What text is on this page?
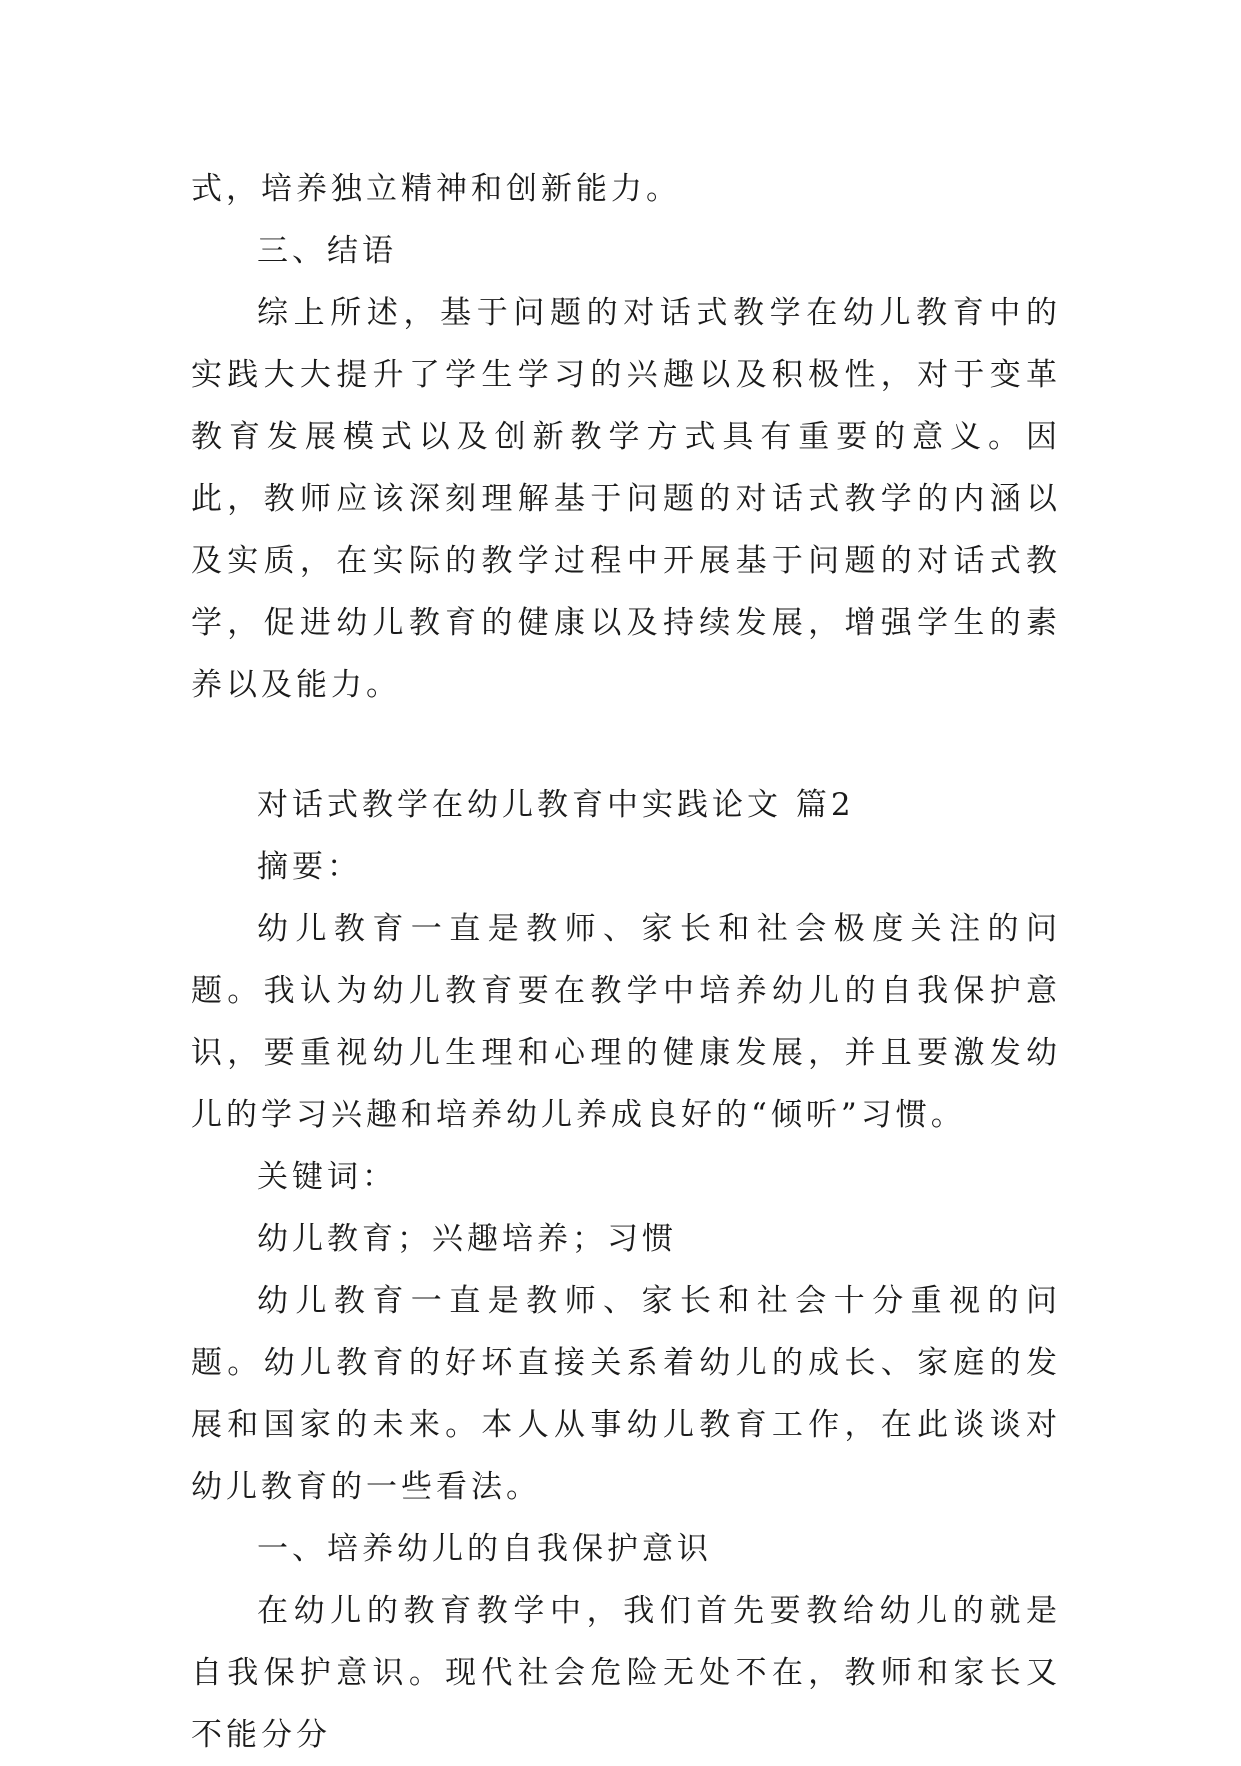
式，培养独立精神和创新能力。

三、结语

综上所述，基于问题的对话式教学在幼儿教育中的实践大大提升了学生学习的兴趣以及积极性，对于变革教育发展模式以及创新教学方式具有重要的意义。因此，教师应该深刻理解基于问题的对话式教学的内涵以及实质，在实际的教学过程中开展基于问题的对话式教学，促进幼儿教育的健康以及持续发展，增强学生的素养以及能力。

对话式教学在幼儿教育中实践论文 篇2

摘要：

幼儿教育一直是教师、家长和社会极度关注的问题。我认为幼儿教育要在教学中培养幼儿的自我保护意识，要重视幼儿生理和心理的健康发展，并且要激发幼儿的学习兴趣和培养幼儿养成良好的“倾听”习惯。

关键词：

幼儿教育；兴趣培养；习惯

幼儿教育一直是教师、家长和社会十分重视的问题。幼儿教育的好坏直接关系着幼儿的成长、家庭的发展和国家的未来。本人从事幼儿教育工作，在此谈谈对幼儿教育的一些看法。

一、培养幼儿的自我保护意识

在幼儿的教育教学中，我们首先要教给幼儿的就是自我保护意识。现代社会危险无处不在，教师和家长又不能分分
